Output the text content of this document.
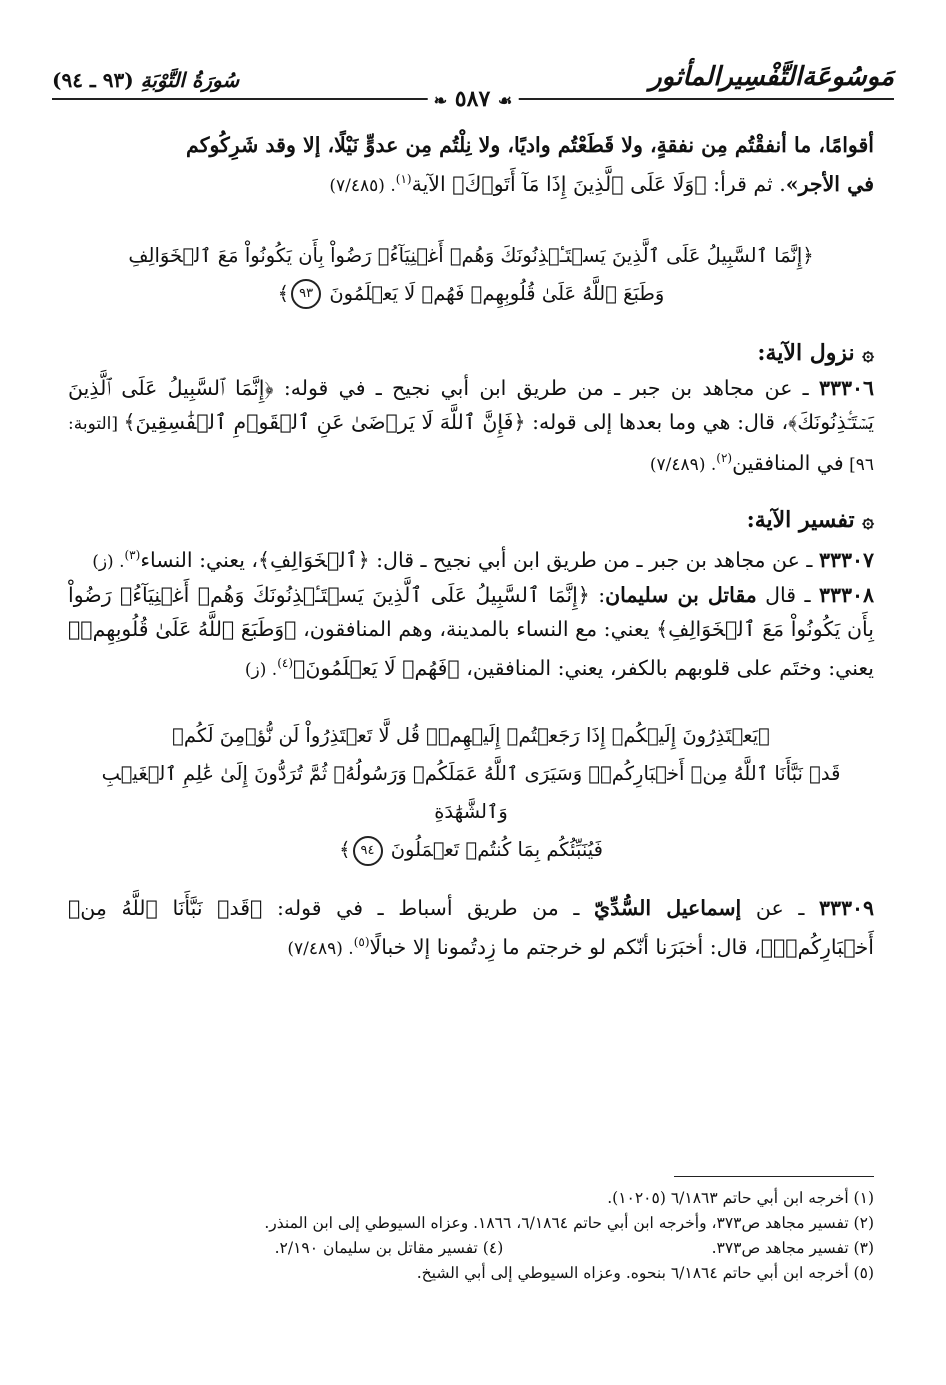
مَوسُوعَةالتَّفْسِيرالمأثور
سُورَةُ التَّوْبَةِ (٩٣ ـ ٩٤)
☙ ٥٨٧ ❧

أقوامًا، ما أنفقْتُم مِن نفقةٍ، ولا قَطَعْتُم واديًا، ولا نِلْتُم مِن عدوٍّ نَيْلًا، إلا وقد شَرِكُوكم

في الأجر». ثم قرأ: ﴿وَلَا عَلَى ٱلَّذِينَ إِذَا مَآ أَتَوۡكَ﴾ الآية$^{(١)}$. (٧/٤٨٥)

﴿إِنَّمَا ٱلسَّبِيلُ عَلَى ٱلَّذِينَ يَسۡتَـٔۡذِنُونَكَ وَهُمۡ أَغۡنِيَآءُۚ رَضُواْ بِأَن يَكُونُواْ مَعَ ٱلۡخَوَالِفِ
وَطَبَعَ ٱللَّهُ عَلَىٰ قُلُوبِهِمۡ فَهُمۡ لَا يَعۡلَمُونَ ٩٣﴾
۞ نزول الآية:

٣٣٣٠٦ ـ عن مجاهد بن جبر ـ من طريق ابن أبي نجيح ـ في قوله: ﴿إِنَّمَا ٱلسَّبِيلُ عَلَى ٱلَّذِينَ يَسۡتَـٔۡذِنُونَكَ﴾، قال: هي وما بعدها إلى قوله: ﴿فَإِنَّ ٱللَّهَ لَا يَرۡضَىٰ عَنِ ٱلۡقَوۡمِ ٱلۡفَٰسِقِينَ﴾ [التوبة: ٩٦] في المنافقين$^{(٢)}$. (٧/٤٨٩)

۞ تفسير الآية:

٣٣٣٠٧ ـ عن مجاهد بن جبر ـ من طريق ابن أبي نجيح ـ قال: ﴿ٱلۡخَوَالِفِ﴾، يعني: النساء$^{(٣)}$. (ز)

٣٣٣٠٨ ـ قال مقاتل بن سليمان: ﴿إِنَّمَا ٱلسَّبِيلُ عَلَى ٱلَّذِينَ يَسۡتَـٔۡذِنُونَكَ وَهُمۡ أَغۡنِيَآءُۚ رَضُواْ بِأَن يَكُونُواْ مَعَ ٱلۡخَوَالِفِ﴾ يعني: مع النساء بالمدينة، وهم المنافقون، ﴿وَطَبَعَ ٱللَّهُ عَلَىٰ قُلُوبِهِمۡ﴾ يعني: وختَم على قلوبهم بالكفر، يعني: المنافقين، ﴿فَهُمۡ لَا يَعۡلَمُونَ﴾$^{(٤)}$. (ز)

﴿يَعۡتَذِرُونَ إِلَيۡكُمۡ إِذَا رَجَعۡتُمۡ إِلَيۡهِمۡۚ قُل لَّا تَعۡتَذِرُواْ لَن نُّؤۡمِنَ لَكُمۡ
قَدۡ نَبَّأَنَا ٱللَّهُ مِنۡ أَخۡبَارِكُمۡۚ وَسَيَرَى ٱللَّهُ عَمَلَكُمۡ وَرَسُولُهُۥ ثُمَّ تُرَدُّونَ إِلَىٰ عَٰلِمِ ٱلۡغَيۡبِ وَٱلشَّهَٰدَةِ
فَيُنَبِّئُكُم بِمَا كُنتُمۡ تَعۡمَلُونَ ٩٤﴾

٣٣٣٠٩ ـ عن إسماعيل السُّدِّيّ ـ من طريق أسباط ـ في قوله: ﴿قَدۡ نَبَّأَنَا ٱللَّهُ مِنۡ أَخۡبَارِكُمۡۚ﴾، قال: أخبَرَنا أنّكم لو خرجتم ما زِدتُمونا إلا خبالًا$^{(٥)}$. (٧/٤٨٩)

(١) أخرجه ابن أبي حاتم ٦/١٨٦٣ (١٠٢٠٥).
(٢) تفسير مجاهد ص٣٧٣، وأخرجه ابن أبي حاتم ٦/١٨٦٤، ١٨٦٦. وعزاه السيوطي إلى ابن المنذر.
(٣) تفسير مجاهد ص٣٧٣.(٤) تفسير مقاتل بن سليمان ٢/١٩٠.
(٥) أخرجه ابن أبي حاتم ٦/١٨٦٤ بنحوه. وعزاه السيوطي إلى أبي الشيخ.
